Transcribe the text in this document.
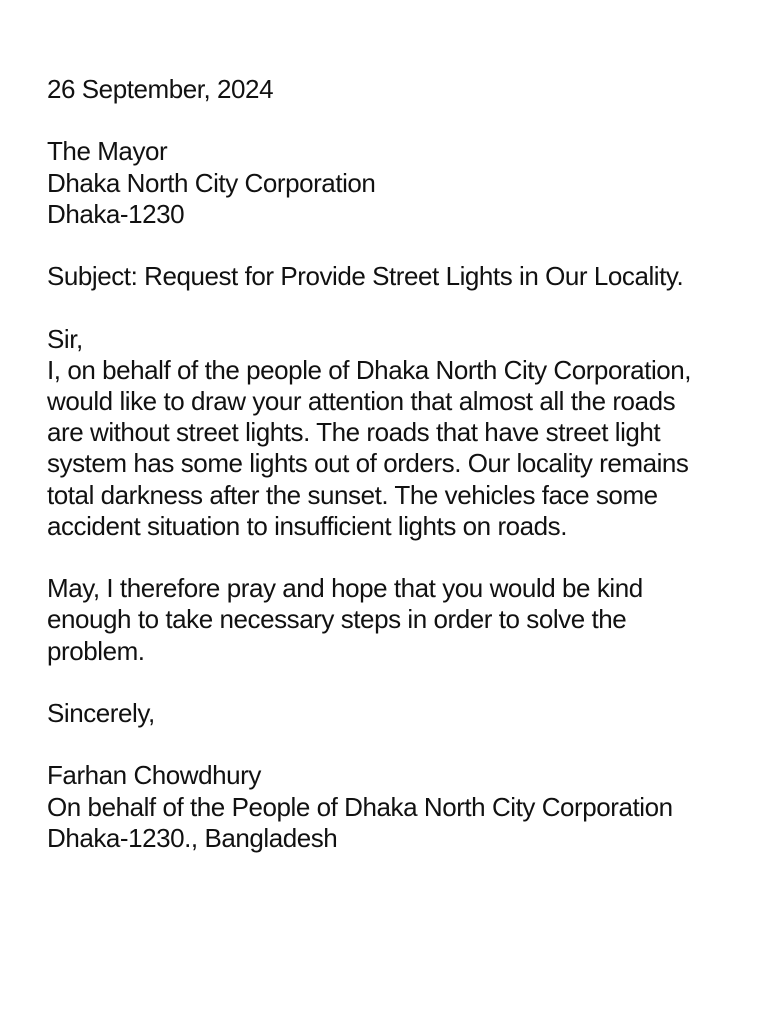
26 September, 2024
The Mayor
Dhaka North City Corporation
Dhaka-1230
Subject: Request for Provide Street Lights in Our Locality.
Sir,
I, on behalf of the people of Dhaka North City Corporation,
would like to draw your attention that almost all the roads
are without street lights. The roads that have street light
system has some lights out of orders. Our locality remains
total darkness after the sunset. The vehicles face some
accident situation to insufficient lights on roads.
May, I therefore pray and hope that you would be kind
enough to take necessary steps in order to solve the
problem.
Sincerely,
Farhan Chowdhury
On behalf of the People of Dhaka North City Corporation
Dhaka-1230., Bangladesh
